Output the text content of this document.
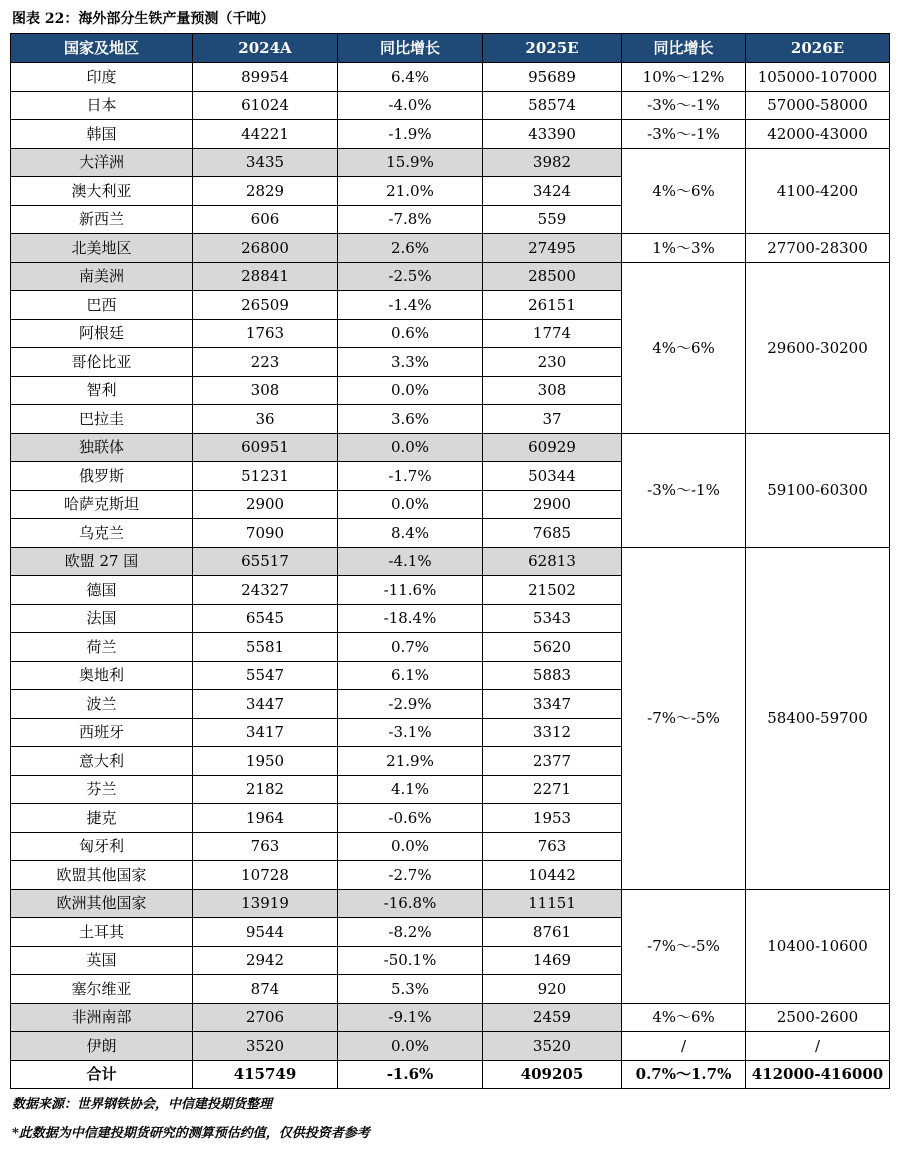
图表 22：海外部分生铁产量预测（千吨）
国家及地区	2024A	同比增长	2025E	同比增长	2026E
印度	89954	6.4%	95689	10%～12%	105000-107000
日本	61024	-4.0%	58574	-3%～-1%	57000-58000
韩国	44221	-1.9%	43390	-3%～-1%	42000-43000
大洋洲	3435	15.9%	3982	4%～6%	4100-4200
澳大利亚	2829	21.0%	3424		
新西兰	606	-7.8%	559		
北美地区	26800	2.6%	27495	1%～3%	27700-28300
南美洲	28841	-2.5%	28500	4%～6%	29600-30200
巴西	26509	-1.4%	26151		
阿根廷	1763	0.6%	1774		
哥伦比亚	223	3.3%	230		
智利	308	0.0%	308		
巴拉圭	36	3.6%	37		
独联体	60951	0.0%	60929	-3%～-1%	59100-60300
俄罗斯	51231	-1.7%	50344		
哈萨克斯坦	2900	0.0%	2900		
乌克兰	7090	8.4%	7685		
欧盟 27 国	65517	-4.1%	62813	-7%～-5%	58400-59700
德国	24327	-11.6%	21502		
法国	6545	-18.4%	5343		
荷兰	5581	0.7%	5620		
奥地利	5547	6.1%	5883		
波兰	3447	-2.9%	3347		
西班牙	3417	-3.1%	3312		
意大利	1950	21.9%	2377		
芬兰	2182	4.1%	2271		
捷克	1964	-0.6%	1953		
匈牙利	763	0.0%	763		
欧盟其他国家	10728	-2.7%	10442		
欧洲其他国家	13919	-16.8%	11151	-7%～-5%	10400-10600
土耳其	9544	-8.2%	8761		
英国	2942	-50.1%	1469		
塞尔维亚	874	5.3%	920		
非洲南部	2706	-9.1%	2459	4%～6%	2500-2600
伊朗	3520	0.0%	3520	/	/
合计	415749	-1.6%	409205	0.7%～1.7%	412000-416000
数据来源：世界钢铁协会，中信建投期货整理
*此数据为中信建投期货研究的测算预估约值，仅供投资者参考
